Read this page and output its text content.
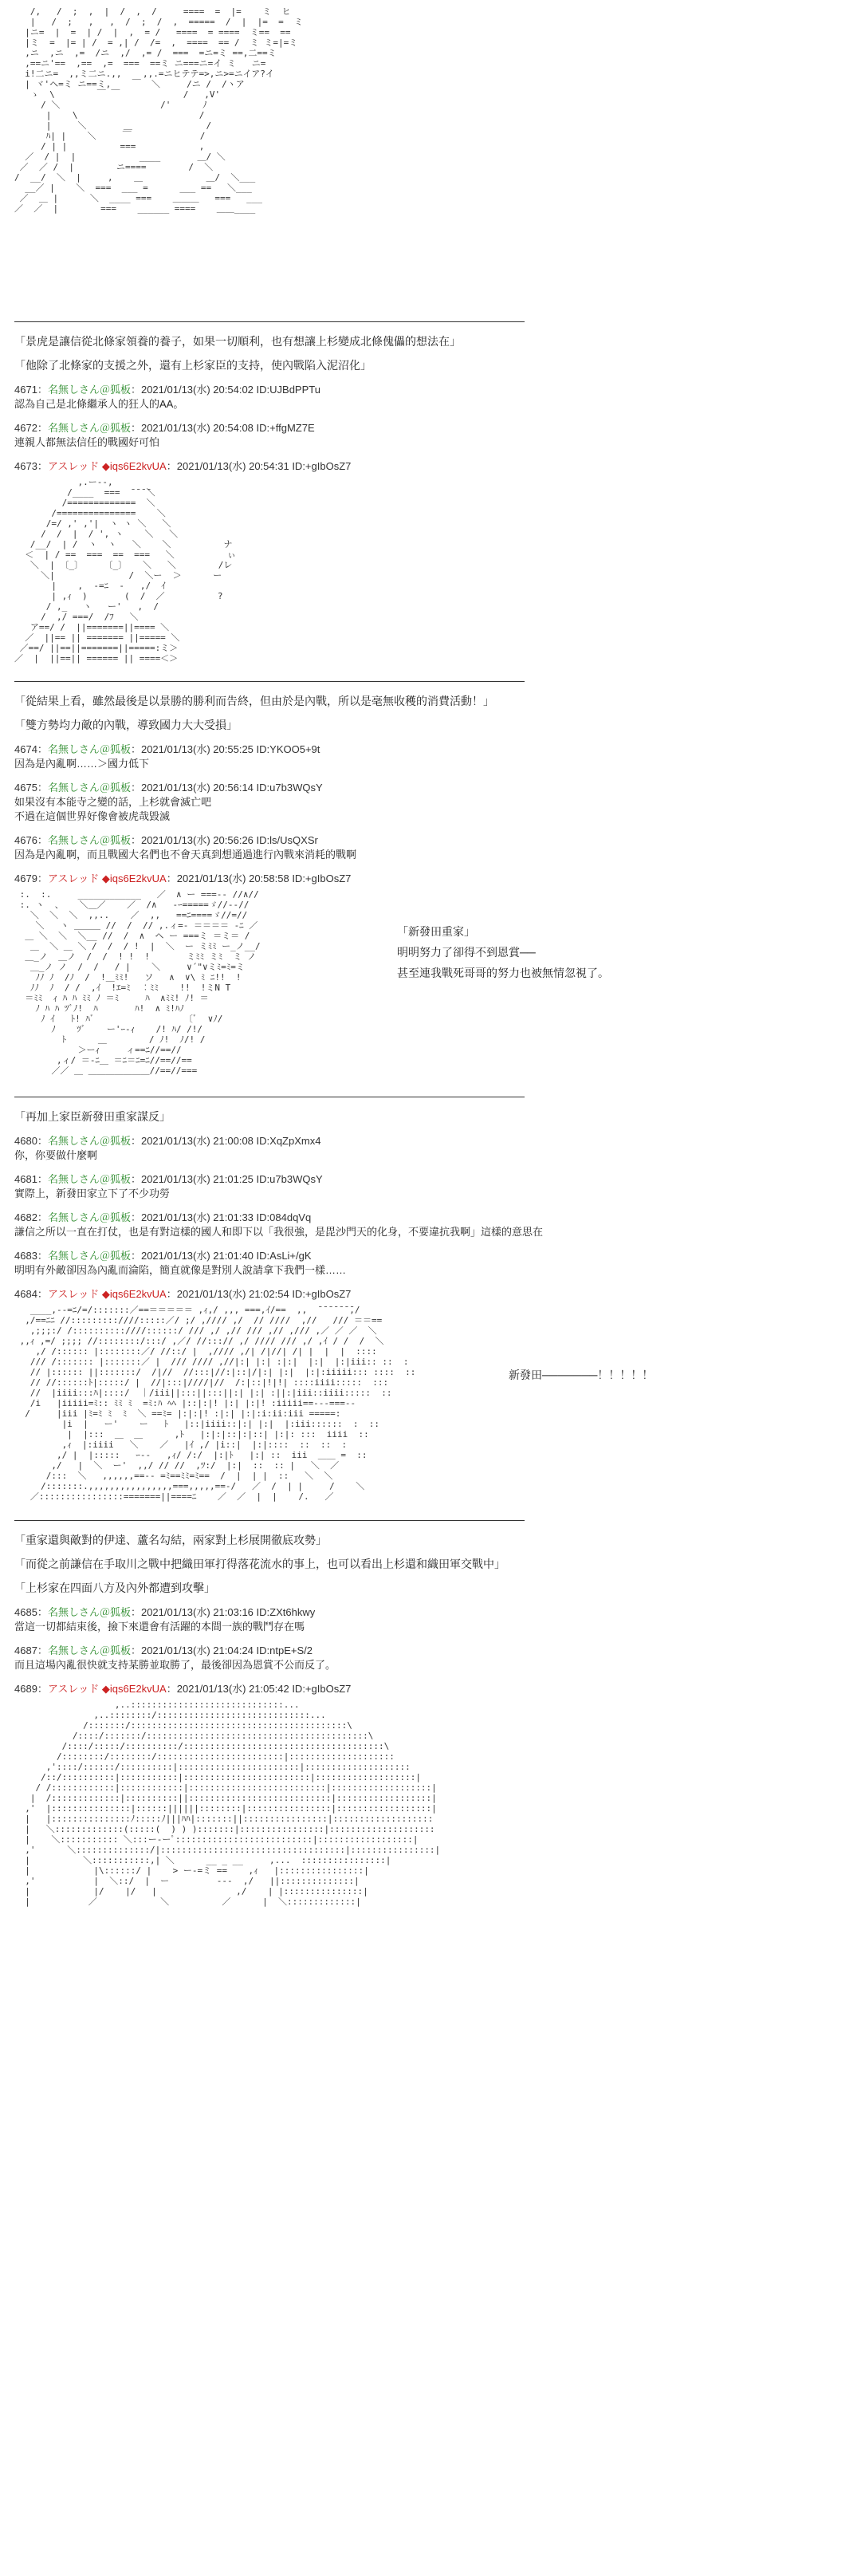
/,   /  ;  ,  |  /  ,  /     ====  =  |=    ミ  ヒ
|   /  ;   ,   ,  /  ;  /  ,  =====  /  |  |=  =  ミ
|ニ=  |  =  | /  |  ,  = /   ====  = ====  ミ==  ==
|ミ  =  |= | /  = ,| /  /=  ,  ====  == /  ミ ミ=|=ミ
,ニ  ,ニ  ,=  /ニ  ,/  ,= /  ===  =ニ=ミ ==,二==ミ
,==ニ'==  ,==  ,=  ===  ==ミ ニ===ニ=イ ミ   ニ=
i!二ニ=  ,,ミ二ニ.,,    ,,.=ニヒテテ=>,ニ>=ニイア?イ
| ヾ'ヘ=ミ ニ==ミ,    ￣  ＼     /ニ /  /ヽア
ゝ  \        ￣ ￣            /   ,V'
/ ＼                   /'      ﾉ
|    \                       /
|     ＼       ＿              /
ﾊ| |    ＼     ￣             /
/ | |          ===            ,
／  / |  |            ____       ＿/ ＼
／  ／ /  |        ニ====        /  ＼
/  __/  ＼  |     ,    ＿            ＿/  ＼___
__／ |    ＼  ===  ___ =      ___ ==   ＼___
／  ＿ |      ＼  ____ ===    ＿＿＿   ===   ___
／  ／  |        ===    ______ ====    ＿＿____
「景虎是讓信從北條家領養的養子，如果一切順利，也有想讓上杉變成北條傀儡的想法在」
「他除了北條家的支援之外，還有上杉家臣的支持，使內戰陷入泥沼化」
4671：名無しさん＠狐板：2021/01/13(水) 20:54:02 ID:UJBdPPTu
認為自己是北條繼承人的狂人的AA。
4672：名無しさん＠狐板：2021/01/13(水) 20:54:08 ID:+ffgMZ7E
連親人都無法信任的戰國好可怕
4673：アスレッド ◆iqs6E2kvUA：2021/01/13(水) 20:54:31 ID:+gIbOsZ7
,.ー--,
/____  ===  ̄ ̄ ̄ ̄＼
/=============  ＼
/===============    ＼
/=/ ,' ,'|  ヽ ヽ ＼   ＼
/  /  |  / ', ヽ    ＼   ＼
/__/  | /  ヽ  ヽ   ＼    ＼          ナ
＜  | / ==  ===  ==  ===   ＼          ぃ
＼  | 〔_〕    〔_〕   ＼   ＼        /レ
＼|              /  ＼ー  ＞      ー
|    ,  -=ﾆ  ‐   ,/  ｲ
| ,ｨ  )       (  /  ／          ?
/ ,_   ヽ   ー'   ,  /
/  ,/ ===/  /ﾌ   ＼
ア==/ /  ||=======||==== ＼
／  ||== || ======= ||===== ＼
／==/ ||==||=======||=====:ミ＞
／  |  ||==|| ====== || ====＜＞
「從結果上看，雖然最後是以景勝的勝利而告終，但由於是內戰，所以是毫無收穫的消費活動！」
「雙方勢均力敵的內戰，導致國力大大受損」
4674：名無しさん＠狐板：2021/01/13(水) 20:55:25 ID:YKOO5+9t
因為是內亂啊……＞國力低下
4675：名無しさん＠狐板：2021/01/13(水) 20:56:14 ID:u7b3WQsY
如果沒有本能寺之變的話，上杉就會滅亡吧
不過在這個世界好像會被虎哉毀滅
4676：名無しさん＠狐板：2021/01/13(水) 20:56:26 ID:ls/UsQXSr
因為是內亂啊，而且戰國大名們也不會天真到想通過進行內戰來消耗的戰啊
4679：アスレッド ◆iqs6E2kvUA：2021/01/13(水) 20:58:58 ID:+gIbOsZ7
:.  :.     ____________   ／  ∧ ー ===-- //∧//
:. ヽ  、   ＼＿／    ／  /∧   -ｰ=====ゞ//--//
＼  ＼  ＼  ,,..    ／  ,,   ==ﾆ====ゞ//=//
＼   ヽ ＿＿＿ //  /  // ,.ィ=- ＝＝＝＝ -ﾆ ／
＿ ＼  ＼  ＼__ //  /  ∧  ヘ ー ===ミ ＝ミ＝ /
＿  ＼ ＿ ＼ /  /  / !  |  ＼  ー ミﾐﾐ ー_ノ__/
＿_ノ  ＿ノ  /  /  ! !  !       ミﾐﾐ ミﾐ  ミ ノ
＿_ノ ノ  /  /   / |    ＼     ∨´"∨ミﾐ=ﾐ=ミ
ﾉﾉ ﾉ  /ﾉ  /  !＿ﾐﾐ!   ソ   ∧  ∨\ ﾐ ﾆ!!  !
ﾉﾉ  ﾉ  / /  ,ｲ  !ｴ=ﾐ  ︰ﾐﾐ    !!  !ミN T
＝ﾐﾐ  ｨ ﾊ ﾊ ﾐﾐ ﾉ ＝ﾐ     ﾊ  ∧ﾐﾐ! ﾉ! ＝
ﾉ ﾊ ﾊ ﾂﾞﾉ!  ﾊ       ﾊ!  ∧ ﾐ!ﾊﾉ
ﾉ ｲ   ﾄ! ﾊﾞ                 〔ﾞ  ∨ﾉ/
ﾉ    ﾂﾞ    ー'ｰ-ｨ    /! ﾊ/ /!/
ﾄ      ＿        / ﾉ!  ﾉ/! /
＞ーｨ     ィ==ﾆ//==//
,ィ/ ＝-ﾆ＿ ＝ﾆ＝ﾆ=ﾆ//==//==
／／ ＿ ＿＿＿＿＿＿＿//==//===
「新發田重家」
明明努力了卻得不到恩賞──
甚至連我戰死哥哥的努力也被無情忽視了。
「再加上家臣新發田重家謀反」
4680：名無しさん＠狐板：2021/01/13(水) 21:00:08 ID:XqZpXmx4
你，你要做什麼啊
4681：名無しさん＠狐板：2021/01/13(水) 21:01:25 ID:u7b3WQsY
實際上，新發田家立下了不少功勞
4682：名無しさん＠狐板：2021/01/13(水) 21:01:33 ID:084dqVq
謙信之所以一直在打仗，也是有對這樣的國人和即下以「我很強，是毘沙門天的化身，不要違抗我啊」這樣的意思在
4683：名無しさん＠狐板：2021/01/13(水) 21:01:40 ID:AsLi+/gK
明明有外敵卻因為內亂而淪陷，簡直就像是對別人說請拿下我們一樣……
4684：アスレッド ◆iqs6E2kvUA：2021/01/13(水) 21:02:54 ID:+gIbOsZ7
____,--=ﾆ/=/:::::::／==＝＝＝＝＝ ,ｨ,/ ,,, ===,ｲ/==  ,,  ̄ ̄ ̄ ̄ ̄ ̄ ̄,/
,/==ﾆﾆ //:::::::::////:::::／/ ;/ ,//// ,/  // ////  ,//   /// ＝＝==
,;;;:/ /::::::::::////::::::/ /// ,/ ,// /// ,// ,/// ,／ ／ ／  ＼
,,ｨ ,=/ ;;;; //::::::::/:::/ ,／/ //:::// ,/ //// /// ,/ ,ｲ / /  /  ＼
,/ /:::::: |::::::::／/ //::/ |  ,//// ,/| /|//| /| |  |  |  ::::
/// /::::::: |:::::::／ |  /// //// ,//|:| |:| :|:|  |:|  |:|iii:: ::  :
// |:::::: ||:::::::/  /|//  //:::|//:|::|/|:| |:|  |:|:iiiii::: ::::  ::
// //::::::ﾄ|:::::/ |  //|:::|////|//  /:|::|!|!| ::::iiii:::::  :::
//  |iiii:::ﾊ|::::/  ｜/iii||:::||:::||:| |:| :||:|iii::iiii:::::  ::
/i   |iiiii=ﾐ:: ﾐﾐ ﾐ  =ﾐ:ﾊ ﾍﾍ |::|:|! |:| |:|! :iiiii==---===--
/     |iii |ﾐ=ﾐ ﾐ  ﾐ  ＼ ==ﾐ= |:|:|! :|:| |:|:i:ii:iii =====:
|i  |   ー'    ー   ﾄ   |::|iiii::|:| |:|  |:iii::::::  :  ::
|  |:::  ＿  ＿      ,ﾄ   |:|:|::|:|::| |:|: :::  iiii  ::
,ｨ  |:iiii   ＼    ／   |ｲ ,/ |i::|  |:|::::  ::  ::  :
,/ |  |:::::   ｰ--   ,ｨ/ /:/  |:|ﾄ   |:| ::  iii  ＿＿ =  ::
,/   |  ＼  ー'  ,,/ // //  ,ﾂ:/  |:|  ::  :: |   ＼  ／
/:::  ＼   ,,,,,,==-- =ﾐ==ﾐﾐ=ﾐ==  /  |  | |  ::   ＼  ＼
/:::::::.,,,,,,,,,,,,,,,,===,,,,,==-/   ／  /  | |     /    ＼
／::::::::::::::::=======||====ﾆ    ／  ／  |  |    /.   ／
新發田───────！！！！！
「重家還與敵對的伊達、蘆名勾結，兩家對上杉展開徹底攻勢」
「而從之前謙信在手取川之戰中把織田軍打得落花流水的事上，也可以看出上杉還和織田軍交戰中」
「上杉家在四面八方及內外都遭到攻擊」
4685：名無しさん＠狐板：2021/01/13(水) 21:03:16 ID:ZXt6hkwy
當這一切都結束後，撿下來還會有活躍的本間一族的戰鬥存在嗎
4687：名無しさん＠狐板：2021/01/13(水) 21:04:24 ID:ntpE+S/2
而且這場內亂很快就支持某勝並取勝了，最後卻因為恩賞不公而反了。
4689：アスレッド ◆iqs6E2kvUA：2021/01/13(水) 21:05:42 ID:+gIbOsZ7
,..:::::::::::::::::::::::::::::...
,..::::::::/:::::::::::::::::::::::::::::...
/:::::::/:::::::::::::::::::::::::::::::::::::::::\
/::::/:::::::/::::::::::::::::::::::::::::::::::::::::::\
/::::/:::::/::::::::::/::::::::::::::::::::::::::::::::::::::\
/::::::::/::::::::/::::::::::::::::::::::::|::::::::::::::::::::
,'::::/::::::/::::::::::|:::::::::::::::::::::::|::::::::::::::::::::
/::/::::::::::|:::::::::::|::::::::::::::::::::::::|:::::::::::::::::::|
/ /::::::::::::|::::::::::::|::::::::::::::::::::::::::|:::::::::::::::::::|
|  /:::::::::::::|::::::::::||:::::::::::::::::::::::::::|::::::::::::::::::|
,'  |:::::::::::::::|::::::||||||::::::::|::::::::::::::::|::::::::::::::::::|
|   |:::::::::::::::ﾉ:::::ﾉ|||ﾊﾊ|:::::::||::::::::::::::::|:::::::::::::::::::
|   ＼:::::::::::::(:::::(  ) ) ):::::::|::::::::::::::::|::::::::::::::::::::
|    ＼::::::::::: ＼:::ー-ーﾟ::::::::::::::::::::::::::|::::::::::::::::::|
,'      ＼::::::::::::::/|:::::::::::::::::::::::::::::::::::|::::::::::::::::|
|          ＼:::::::::::,| ＼      __ _ __     ,...  ::::::::::::::::|
|            |\::::::/ |    > ー-=ミ ==    ,ｨ   |::::::::::::::::|
,'           |  ＼::/  |  ー         ---  ,/   ||::::::::::::::|
|            |/    |/   |               ,/    | |:::::::::::::::|
|           ／            ＼          ／      |  ＼:::::::::::::|
